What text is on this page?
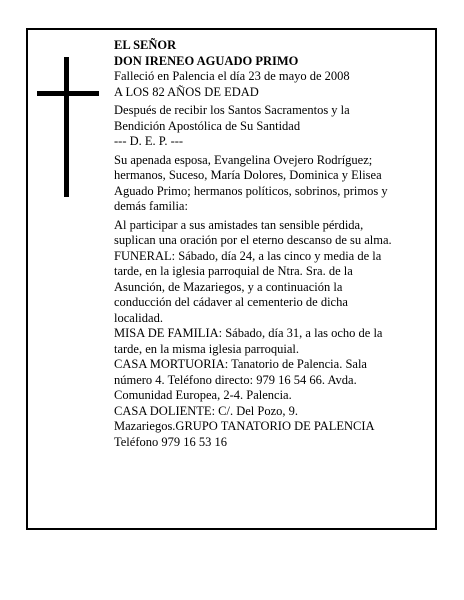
EL SEÑOR
DON IRENEO AGUADO PRIMO
Falleció en Palencia el día 23 de mayo de 2008
A LOS 82 AÑOS DE EDAD
Después de recibir los Santos Sacramentos y la
Bendición Apostólica de Su Santidad
--- D. E. P. ---
Su apenada esposa, Evangelina Ovejero Rodríguez;
hermanos, Suceso, María Dolores, Dominica y Elisea
Aguado Primo; hermanos políticos, sobrinos, primos y
demás familia:
Al participar a sus amistades tan sensible pérdida,
suplican una oración por el eterno descanso de su alma.
FUNERAL: Sábado, día 24, a las cinco y media de la
tarde, en la iglesia parroquial de Ntra. Sra. de la
Asunción, de Mazariegos, y a continuación la
conducción del cádaver al cementerio de dicha
localidad.
MISA DE FAMILIA: Sábado, día 31, a las ocho de la
tarde, en la misma iglesia parroquial.
CASA MORTUORIA: Tanatorio de Palencia. Sala
número 4. Teléfono directo: 979 16 54 66. Avda.
Comunidad Europea, 2-4. Palencia.
CASA DOLIENTE: C/. Del Pozo, 9.
Mazariegos.GRUPO TANATORIO DE PALENCIA
Teléfono 979 16 53 16
